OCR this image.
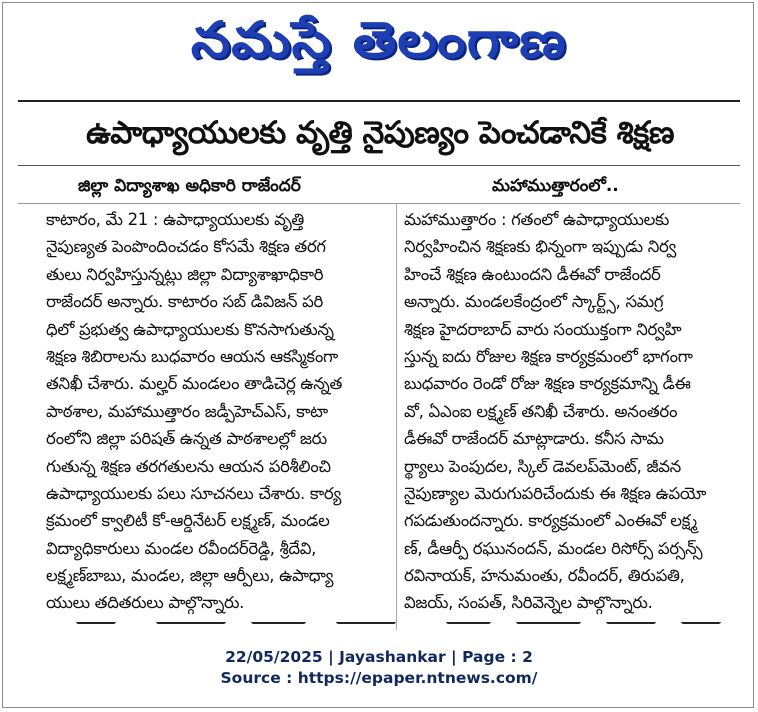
నమస్తే తెలంగాణ
ఉపాధ్యాయులకు వృత్తి నైపుణ్యం పెంచడానికే శిక్షణ
జిల్లా విద్యాశాఖ అధికారి రాజేందర్	మహాముత్తారంలో..
కాటారం, మే 21 : ఉపాధ్యాయులకు వృత్తి
నైపుణ్యత పెంపొందించడం కోసమే శిక్షణ తరగ
తులు నిర్వహిస్తున్నట్లు జిల్లా విద్యాశాఖాధికారి
రాజేందర్ అన్నారు. కాటారం సబ్ డివిజన్ పరి
ధిలో ప్రభుత్వ ఉపాధ్యాయులకు కొనసాగుతున్న
శిక్షణ శిబిరాలను బుధవారం ఆయన ఆకస్మికంగా
తనిఖీ చేశారు. మల్హర్ మండలం తాడిచెర్ల ఉన్నత
పాఠశాల, మహాముత్తారం జడ్పీహెచ్ఎస్, కాటా
రంలోని జిల్లా పరిషత్ ఉన్నత పాఠశాలల్లో జరు
గుతున్న శిక్షణ తరగతులను ఆయన పరిశీలించి
ఉపాధ్యాయులకు పలు సూచనలు చేశారు. కార్య
క్రమంలో క్వాలిటీ కో-ఆర్డినేటర్ లక్ష్మణ్, మండల
విద్యాధికారులు మండల రవీందర్‌రెడ్డి, శ్రీదేవి,
లక్ష్మణ్‌బాబు, మండల, జిల్లా ఆర్పీలు, ఉపాధ్యా
యులు తదితరులు పాల్గొన్నారు.
మహాముత్తారం : గతంలో ఉపాధ్యాయులకు
నిర్వహించిన శిక్షణకు భిన్నంగా ఇప్పుడు నిర్వ
హించే శిక్షణ ఉంటుందని డీఈవో రాజేందర్
అన్నారు. మండలకేంద్రంలో స్కార్ట్స్, సమగ్ర
శిక్షణ హైదరాబాద్ వారు సంయుక్తంగా నిర్వహి
స్తున్న ఐదు రోజుల శిక్షణ కార్యక్రమంలో భాగంగా
బుధవారం రెండో రోజు శిక్షణ కార్యక్రమాన్ని డీఈ
వో, ఏఎంఐ లక్ష్మణ్ తనిఖీ చేశారు. అనంతరం
డీఈవో రాజేందర్ మాట్లాడారు. కనీస సామ
ర్థ్యాలు పెంపుదల, స్కిల్ డెవలప్‌మెంట్, జీవన
నైపుణ్యాల మెరుగుపరిచేందుకు ఈ శిక్షణ ఉపయో
గపడుతుందన్నారు. కార్యక్రమంలో ఎంఈవో లక్ష్మ
ణ్, డీఆర్పీ రఘునందన్, మండల రిసోర్స్ పర్సన్స్
రవినాయక్, హనుమంతు, రవీందర్, తిరుపతి,
విజయ్, సంపత్, సిరివెన్నెల పాల్గొన్నారు.
22/05/2025 | Jayashankar | Page : 2
Source : https://epaper.ntnews.com/
